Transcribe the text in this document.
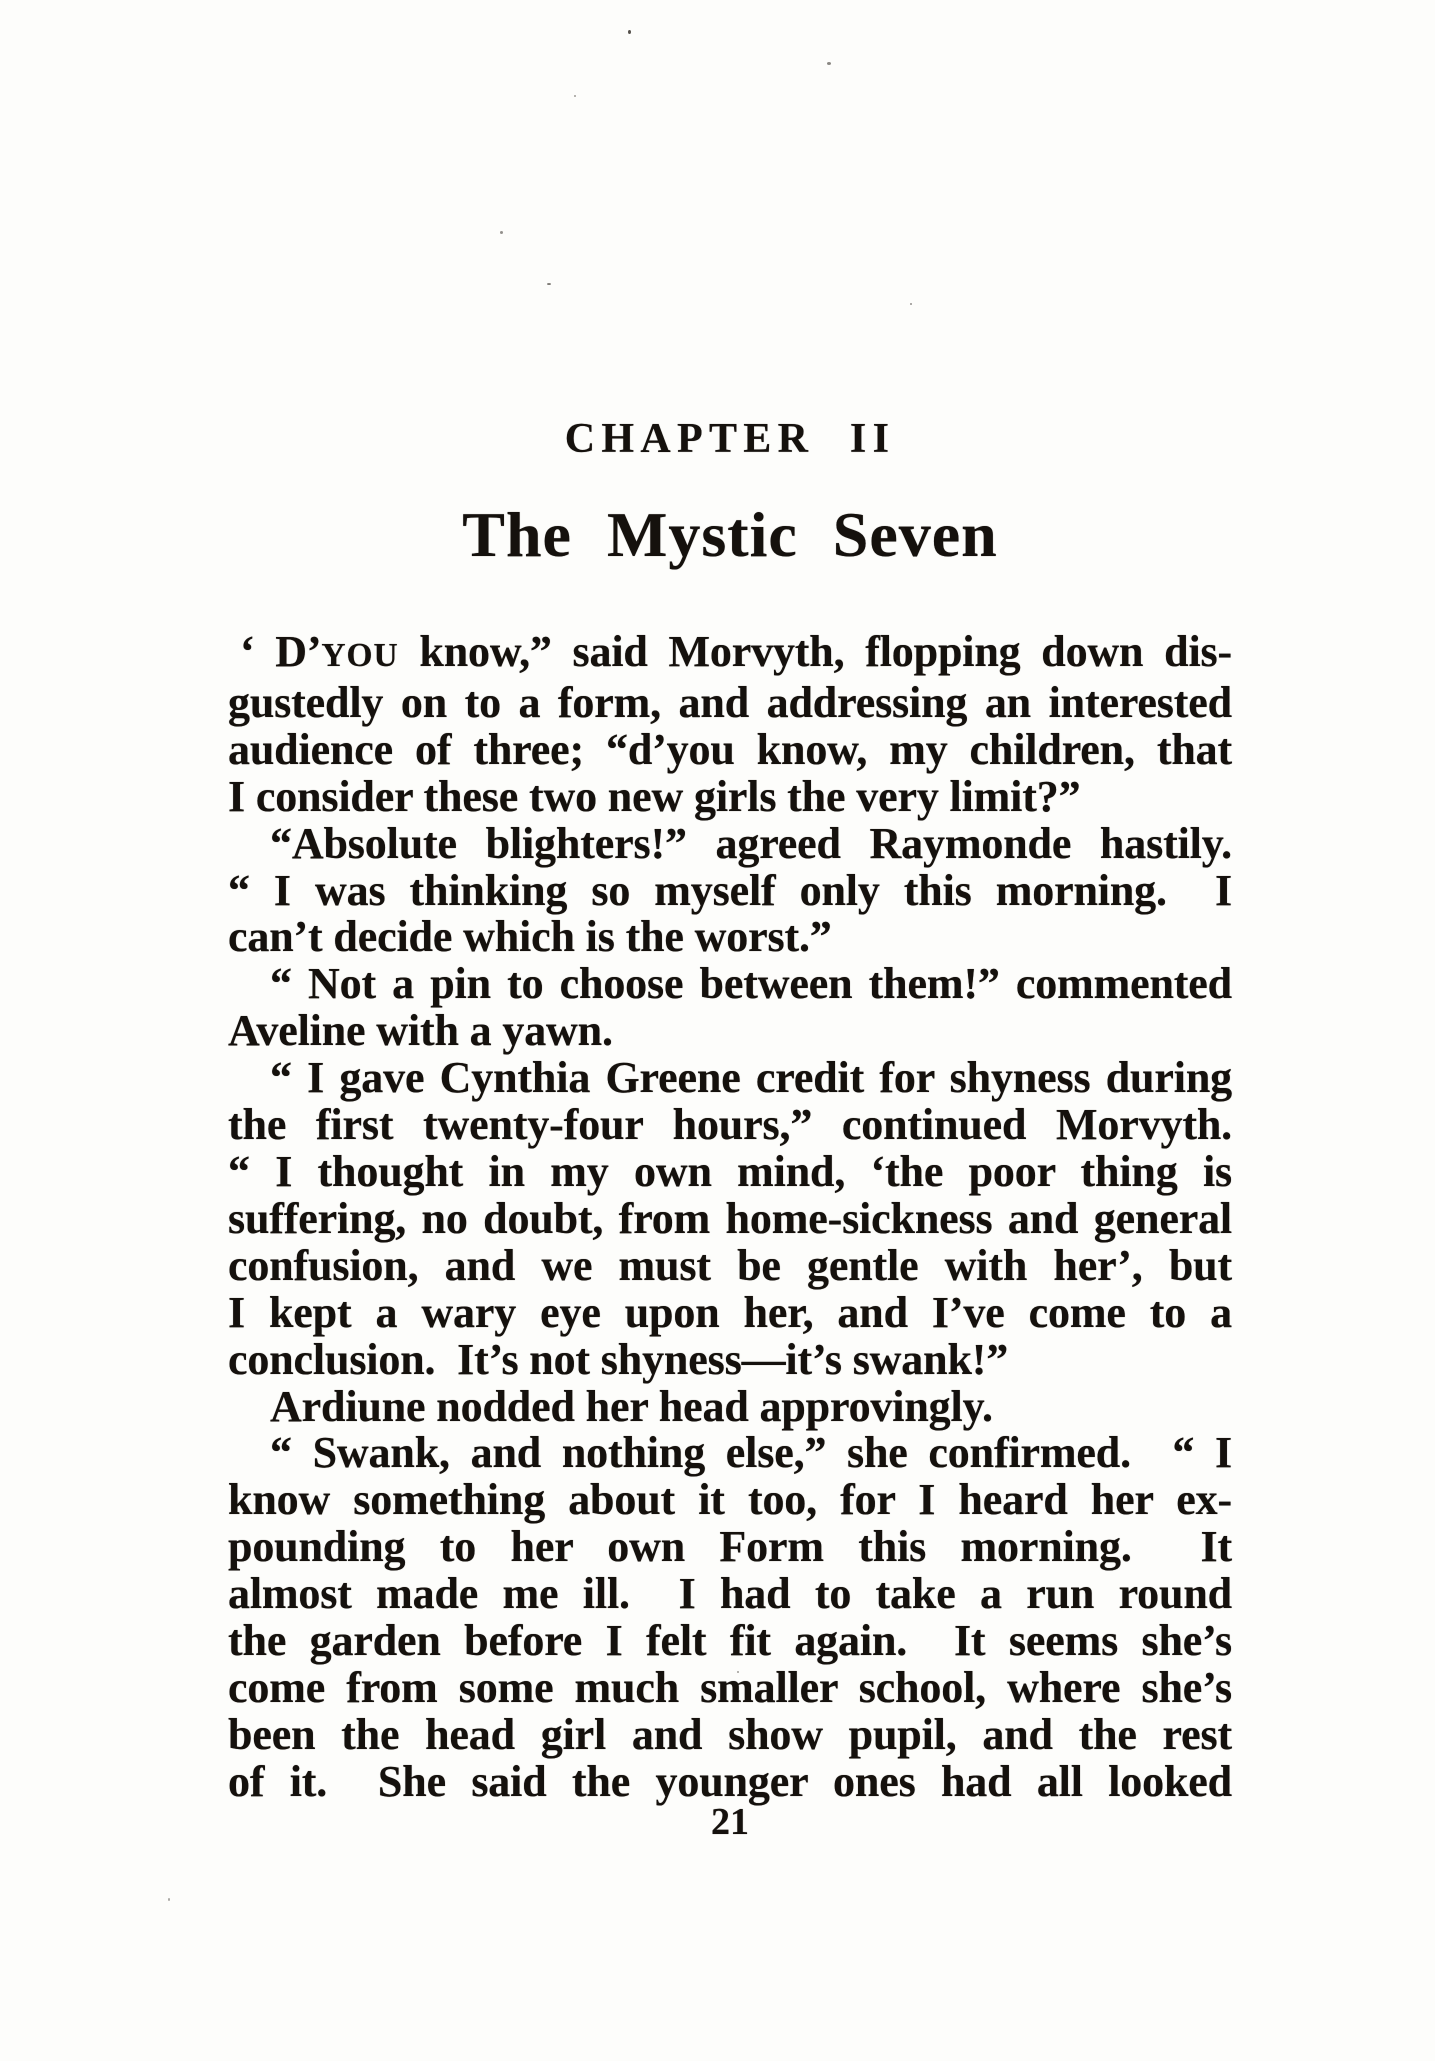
CHAPTER II
The Mystic Seven

‘ D’YOU know,” said Morvyth, flopping down dis-

gustedly on to a form, and addressing an interested

audience of three; “d’you know, my children, that

I consider these two new girls the very limit?”

“Absolute blighters!” agreed Raymonde hastily.

“ I was thinking so myself only this morning.  I

can’t decide which is the worst.”

“ Not a pin to choose between them!” commented

Aveline with a yawn.

“ I gave Cynthia Greene credit for shyness during

the first twenty-four hours,” continued Morvyth.

“ I thought in my own mind, ‘the poor thing is

suffering, no doubt, from home-sickness and general

confusion, and we must be gentle with her’, but

I kept a wary eye upon her, and I’ve come to a

conclusion.  It’s not shyness—it’s swank!”

Ardiune nodded her head approvingly.

“ Swank, and nothing else,” she confirmed.  “ I

know something about it too, for I heard her ex-

pounding to her own Form this morning.  It

almost made me ill.  I had to take a run round

the garden before I felt fit again.  It seems she’s

come from some much smaller school, where she’s

been the head girl and show pupil, and the rest

of it.  She said the younger ones had all looked

21
